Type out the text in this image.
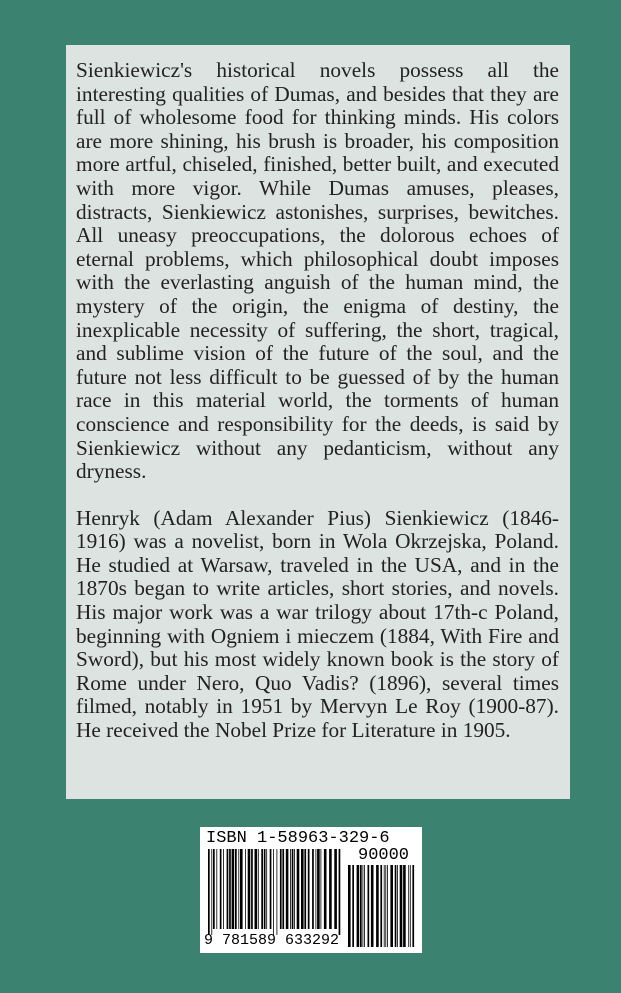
Sienkiewicz's historical novels possess all the interesting qualities of Dumas, and besides that they are full of wholesome food for thinking minds. His colors are more shining, his brush is broader, his composition more artful, chiseled, finished, better built, and executed with more vigor. While Dumas amuses, pleases, distracts, Sienkiewicz astonishes, surprises, bewitches. All uneasy preoccupations, the dolorous echoes of eternal problems, which philosophical doubt imposes with the everlasting anguish of the human mind, the mystery of the origin, the enigma of destiny, the inexplicable necessity of suffering, the short, tragical, and sublime vision of the future of the soul, and the future not less difficult to be guessed of by the human race in this material world, the torments of human conscience and responsibility for the deeds, is said by Sienkiewicz without any pedanticism, without any dryness.

Henryk (Adam Alexander Pius) Sienkiewicz (1846-1916) was a novelist, born in Wola Okrzejska, Poland. He studied at Warsaw, traveled in the USA, and in the 1870s began to write articles, short stories, and novels. His major work was a war trilogy about 17th-c Poland, beginning with Ogniem i mieczem (1884, With Fire and Sword), but his most widely known book is the story of Rome under Nero, Quo Vadis? (1896), several times filmed, notably in 1951 by Mervyn Le Roy (1900-87). He received the Nobel Prize for Literature in 1905.

ISBN 1-58963-329-6
90000
9 781589 633292
